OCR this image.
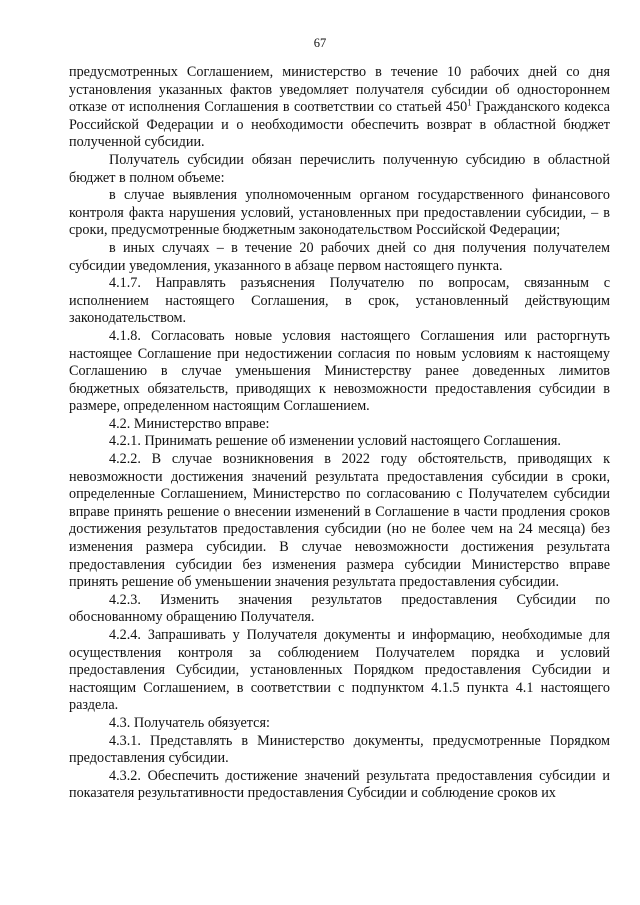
67

предусмотренных Соглашением, министерство в течение 10 рабочих дней со дня установления указанных фактов уведомляет получателя субсидии об одностороннем отказе от исполнения Соглашения в соответствии со статьей $450^1$ Гражданского кодекса Российской Федерации и о необходимости обеспечить возврат в областной бюджет полученной субсидии.

Получатель субсидии обязан перечислить полученную субсидию в областной бюджет в полном объеме:

в случае выявления уполномоченным органом государственного финансового контроля факта нарушения условий, установленных при предоставлении субсидии, – в сроки, предусмотренные бюджетным законодательством Российской Федерации;

в иных случаях – в течение 20 рабочих дней со дня получения получателем субсидии уведомления, указанного в абзаце первом настоящего пункта.

4.1.7. Направлять разъяснения Получателю по вопросам, связанным с исполнением настоящего Соглашения, в срок, установленный действующим законодательством.

4.1.8. Согласовать новые условия настоящего Соглашения или расторгнуть настоящее Соглашение при недостижении согласия по новым условиям к настоящему Соглашению в случае уменьшения Министерству ранее доведенных лимитов бюджетных обязательств, приводящих к невозможности предоставления субсидии в размере, определенном настоящим Соглашением.

4.2. Министерство вправе:

4.2.1. Принимать решение об изменении условий настоящего Соглашения.

4.2.2. В случае возникновения в 2022 году обстоятельств, приводящих к невозможности достижения значений результата предоставления субсидии в сроки, определенные Соглашением, Министерство по согласованию с Получателем субсидии вправе принять решение о внесении изменений в Соглашение в части продления сроков достижения результатов предоставления субсидии (но не более чем на 24 месяца) без изменения размера субсидии. В случае невозможности достижения результата предоставления субсидии без изменения размера субсидии Министерство вправе принять решение об уменьшении значения результата предоставления субсидии.

4.2.3. Изменить значения результатов предоставления Субсидии по обоснованному обращению Получателя.

4.2.4. Запрашивать у Получателя документы и информацию, необходимые для осуществления контроля за соблюдением Получателем порядка и условий предоставления Субсидии, установленных Порядком предоставления Субсидии и настоящим Соглашением, в соответствии с подпунктом 4.1.5 пункта 4.1 настоящего раздела.

4.3. Получатель обязуется:

4.3.1. Представлять в Министерство документы, предусмотренные Порядком предоставления субсидии.

4.3.2. Обеспечить достижение значений результата предоставления субсидии и показателя результативности предоставления Субсидии и соблюдение сроков их
